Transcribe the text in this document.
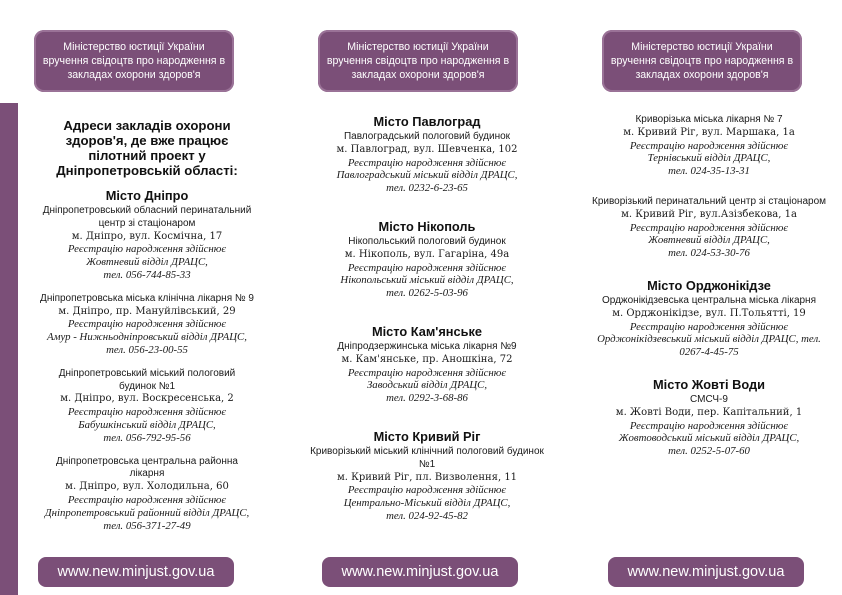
Міністерство юстиції України вручення свідоцтв про народження в закладах охорони здоров'я
Адреси закладів охорони здоров'я, де вже працює пілотний проект у Дніпропетровській області:
Місто Дніпро
Дніпропетровський обласний перинатальний центр зі стаціонаром
м. Дніпро, вул. Космічна, 17
Реєстрацію народження здійснює
Жовтневий відділ ДРАЦС,
тел. 056-744-85-33
Дніпропетровська міська клінічна лікарня № 9
м. Дніпро, пр. Мануйлівський, 29
Реєстрацію народження здійснює
Амур - Нижньодніпровський відділ ДРАЦС, тел. 056-23-00-55
Дніпропетровський міський пологовий будинок №1
м. Дніпро, вул. Воскресенська, 2
Реєстрацію народження здійснює
Бабушкінський відділ ДРАЦС,
тел. 056-792-95-56
Дніпропетровська центральна районна лікарня
м. Дніпро, вул. Холодильна, 60
Реєстрацію народження здійснює
Дніпропетровський районний відділ ДРАЦС, тел. 056-371-27-49
www.new.minjust.gov.ua
Міністерство юстиції України вручення свідоцтв про народження в закладах охорони здоров'я
Місто Павлоград
Павлоградський пологовий будинок
м. Павлоград, вул. Шевченка, 102
Реєстрацію народження здійснює
Павлоградський міський відділ ДРАЦС,
тел. 0232-6-23-65
Місто Нікополь
Нікопольський пологовий будинок
м. Нікополь, вул. Гагаріна, 49а
Реєстрацію народження здійснює
Нікопольський міський відділ ДРАЦС,
тел. 0262-5-03-96
Місто Кам'янське
Дніпродзержинська міська лікарня №9
м. Кам'янське, пр. Аношкіна, 72
Реєстрацію народження здійснює
Заводський відділ ДРАЦС,
тел. 0292-3-68-86
Місто Кривий Ріг
Криворізький міський клінічний пологовий будинок №1
м. Кривий Ріг, пл. Визволення, 11
Реєстрацію народження здійснює
Центрально-Міський відділ ДРАЦС,
тел. 024-92-45-82
www.new.minjust.gov.ua
Міністерство юстиції України вручення свідоцтв про народження в закладах охорони здоров'я
Криворізька міська лікарня № 7
м. Кривий Ріг, вул. Маршака, 1а
Реєстрацію народження здійснює
Тернівський відділ ДРАЦС,
тел. 024-35-13-31
Криворізький перинатальний центр зі стаціонаром
м. Кривий Ріг, вул.Азізбекова, 1а
Реєстрацію народження здійснює
Жовтневий відділ ДРАЦС,
тел. 024-53-30-76
Місто Орджонікідзе
Орджонікідзевська центральна міська лікарня
м. Орджонікідзе, вул. П.Тольятті, 19
Реєстрацію народження здійснює
Орджонікідзевський міський відділ ДРАЦС, тел. 0267-4-45-75
Місто Жовті Води
СМСЧ-9
м. Жовті Води, пер. Капітальний, 1
Реєстрацію народження здійснює
Жовтоводський міський відділ ДРАЦС,
тел. 0252-5-07-60
www.new.minjust.gov.ua
